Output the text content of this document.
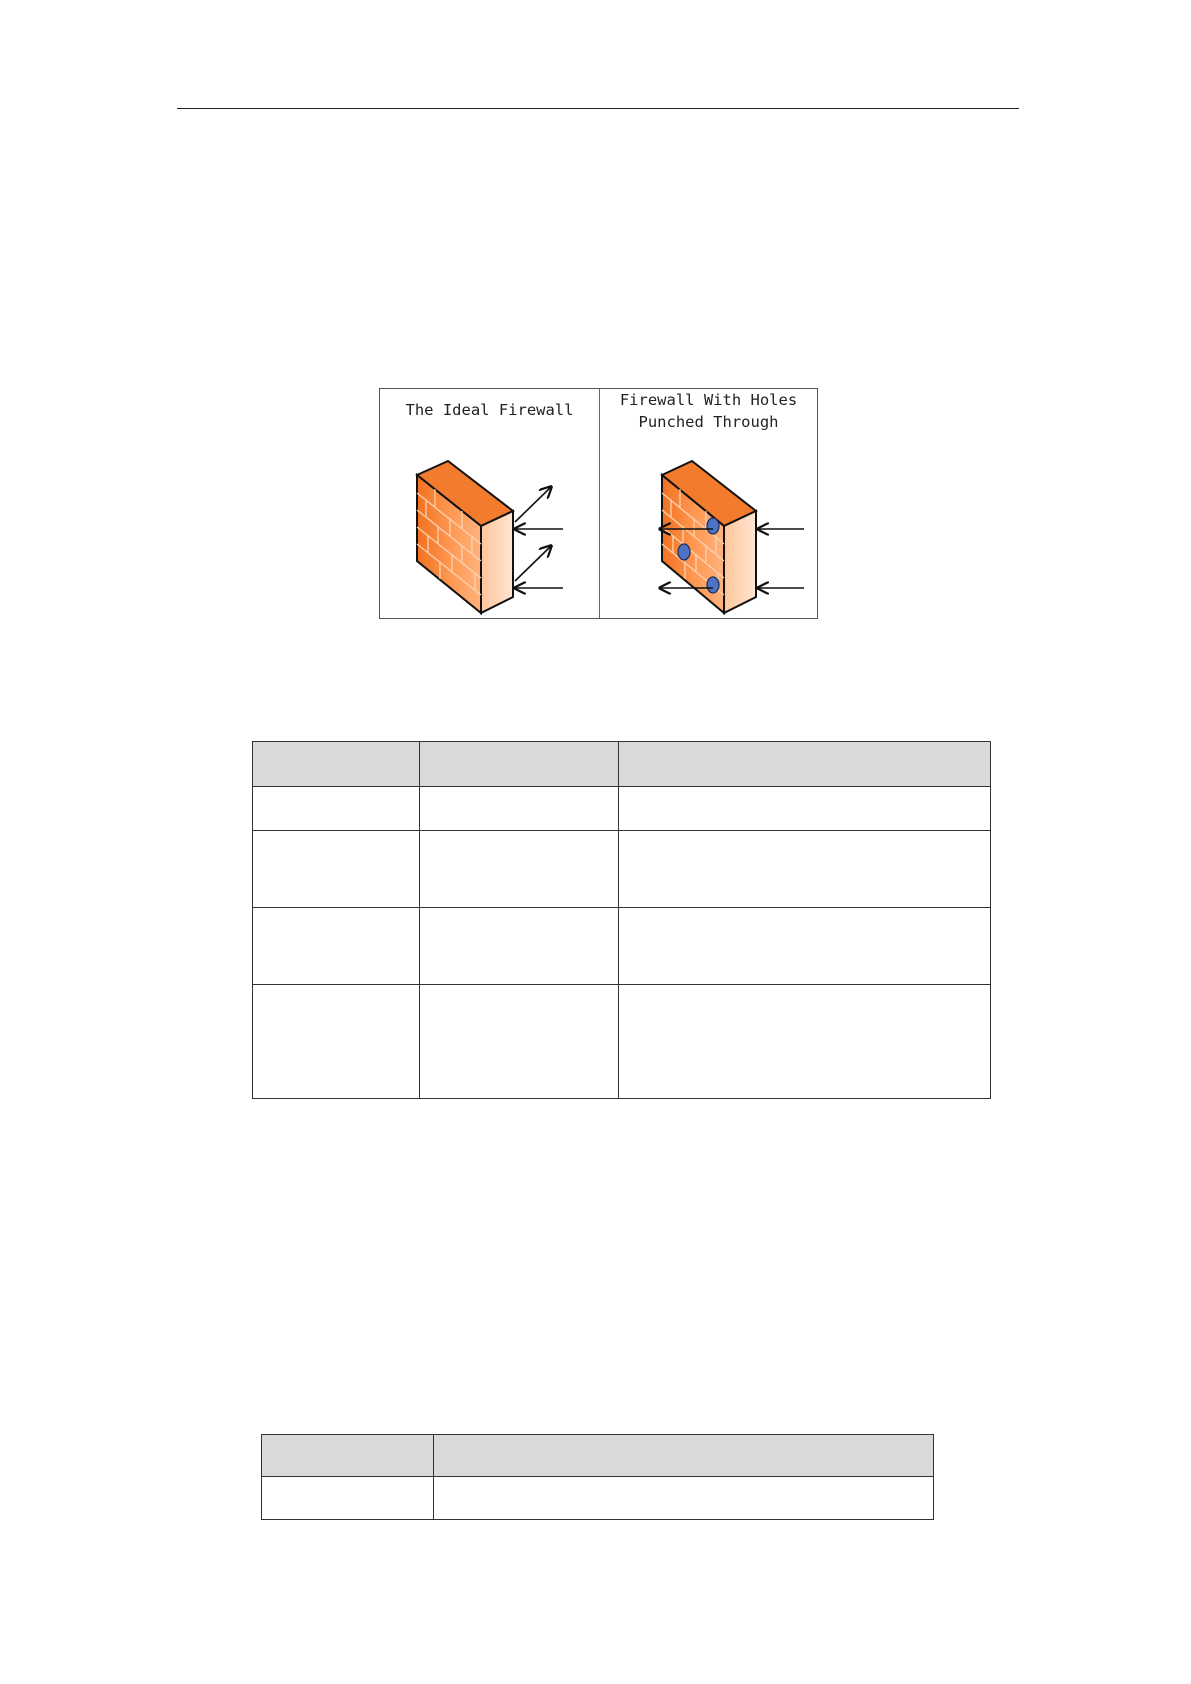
The Ideal Firewall
Firewall With Holes
Punched Through
